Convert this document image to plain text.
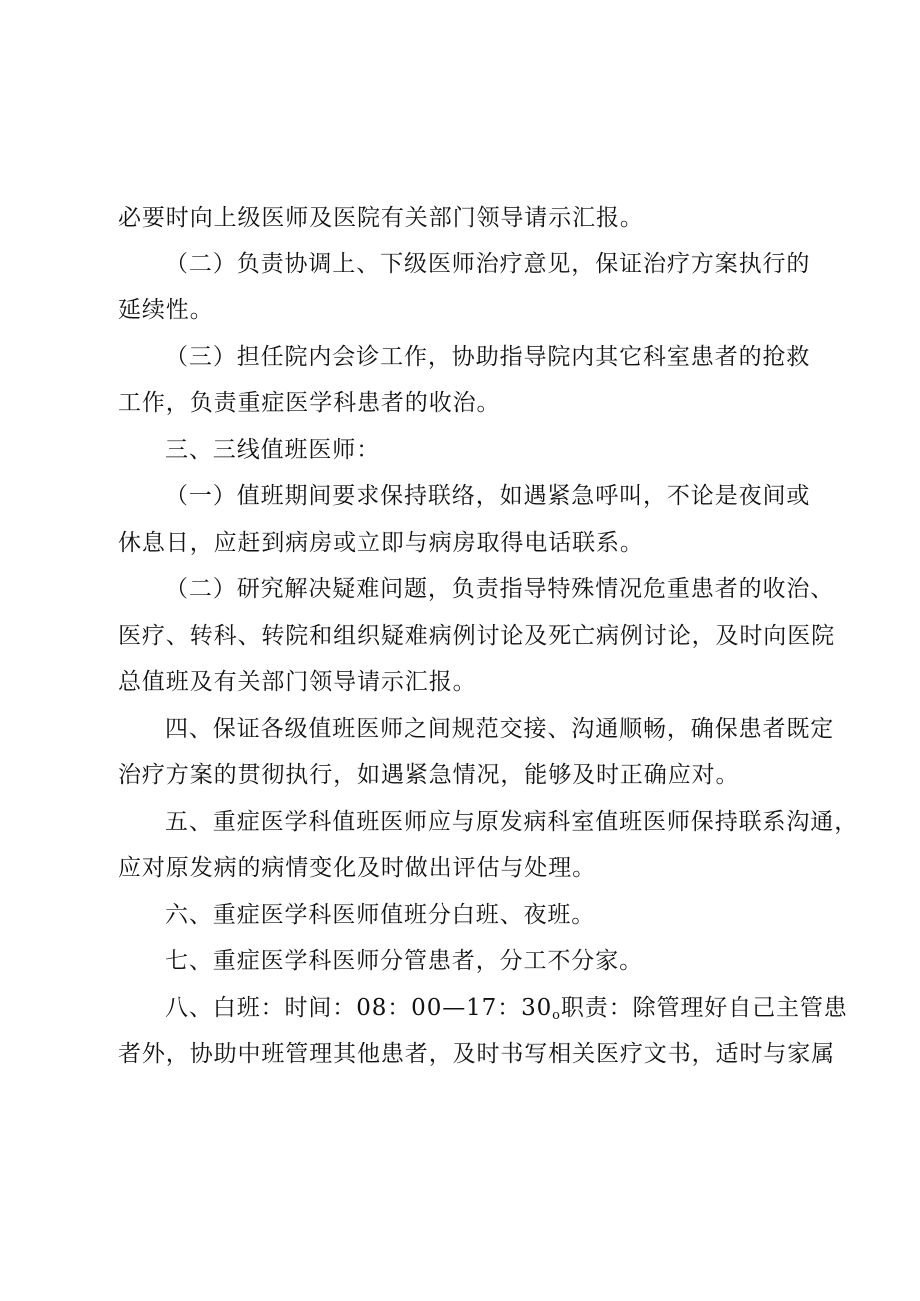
必要时向上级医师及医院有关部门领导请示汇报。
（二）负责协调上、下级医师治疗意见，保证治疗方案执行的
延续性。
（三）担任院内会诊工作，协助指导院内其它科室患者的抢救
工作，负责重症医学科患者的收治。
三、三线值班医师：
（一）值班期间要求保持联络，如遇紧急呼叫，不论是夜间或
休息日，应赶到病房或立即与病房取得电话联系。
（二）研究解决疑难问题，负责指导特殊情况危重患者的收治、
医疗、转科、转院和组织疑难病例讨论及死亡病例讨论，及时向医院
总值班及有关部门领导请示汇报。
四、保证各级值班医师之间规范交接、沟通顺畅，确保患者既定
治疗方案的贯彻执行，如遇紧急情况，能够及时正确应对。
五、重症医学科值班医师应与原发病科室值班医师保持联系沟通，
应对原发病的病情变化及时做出评估与处理。
六、重症医学科医师值班分白班、夜班。
七、重症医学科医师分管患者，分工不分家。
八、白班：时间：08：00—17：$30_o$职责：除管理好自己主管患
者外，协助中班管理其他患者，及时书写相关医疗文书，适时与家属
